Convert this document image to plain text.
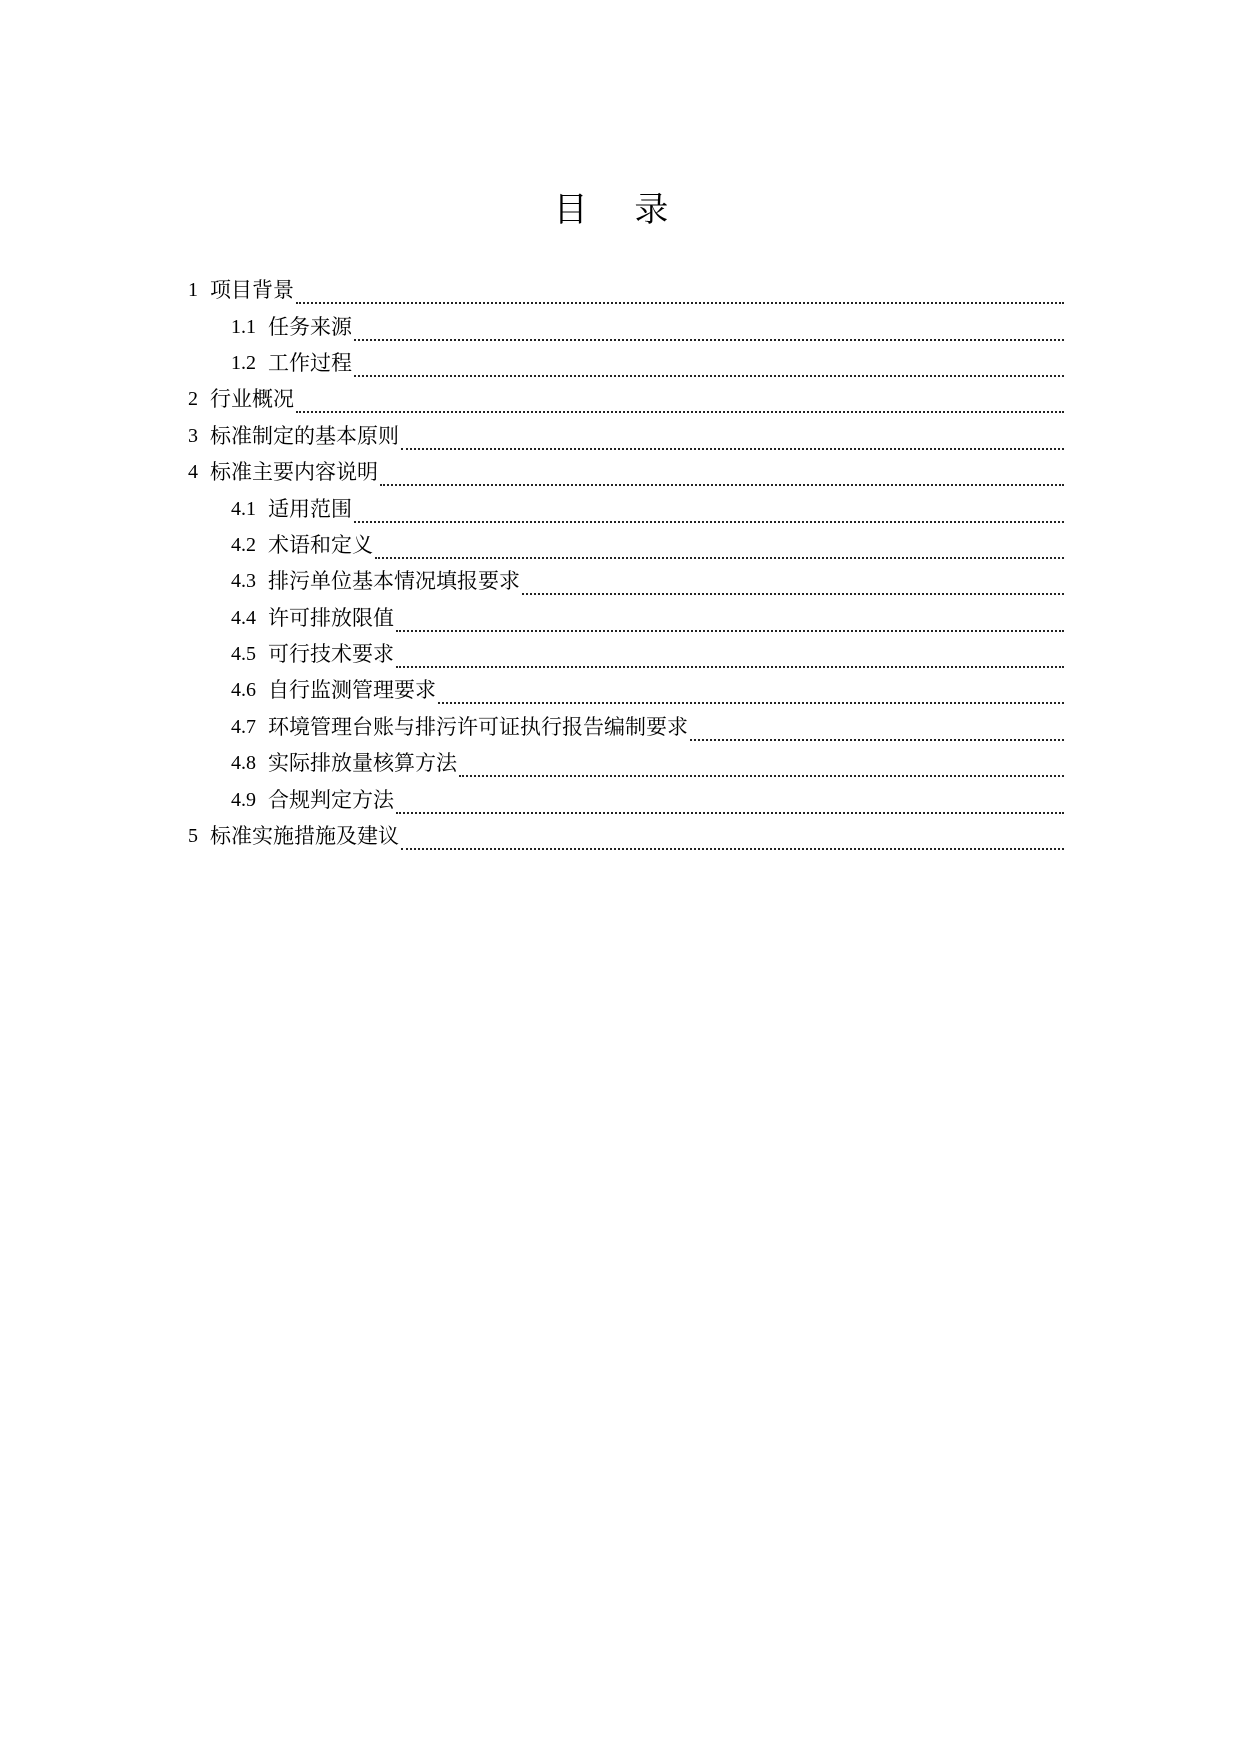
目 录
1 项目背景
1.1 任务来源
1.2 工作过程
2 行业概况
3 标准制定的基本原则
4 标准主要内容说明
4.1 适用范围
4.2 术语和定义
4.3 排污单位基本情况填报要求
4.4 许可排放限值
4.5 可行技术要求
4.6 自行监测管理要求
4.7 环境管理台账与排污许可证执行报告编制要求
4.8 实际排放量核算方法
4.9 合规判定方法
5 标准实施措施及建议
